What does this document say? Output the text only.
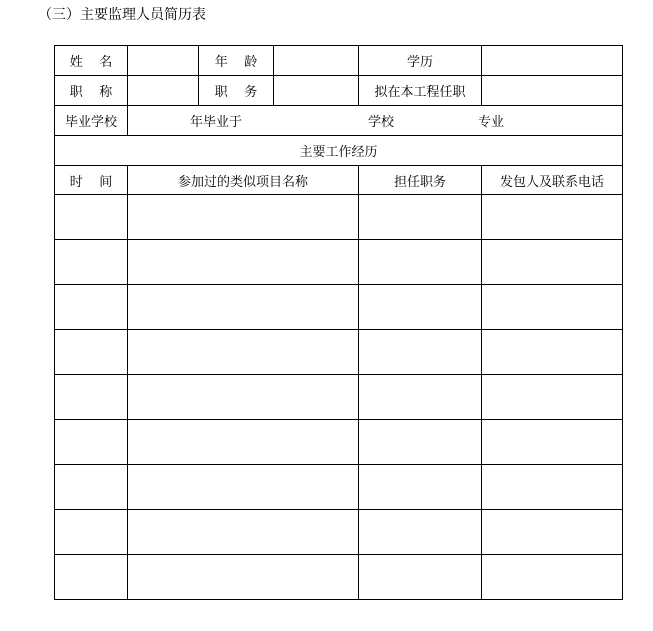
（三）主要监理人员简历表
姓    名		年    龄		学历	
职    称		职    务		拟在本工程任职	
毕业学校	年毕业于 学校 专业				

主要工作经历					
时    间	参加过的类似项目名称			担任职务	发包人及联系电话
